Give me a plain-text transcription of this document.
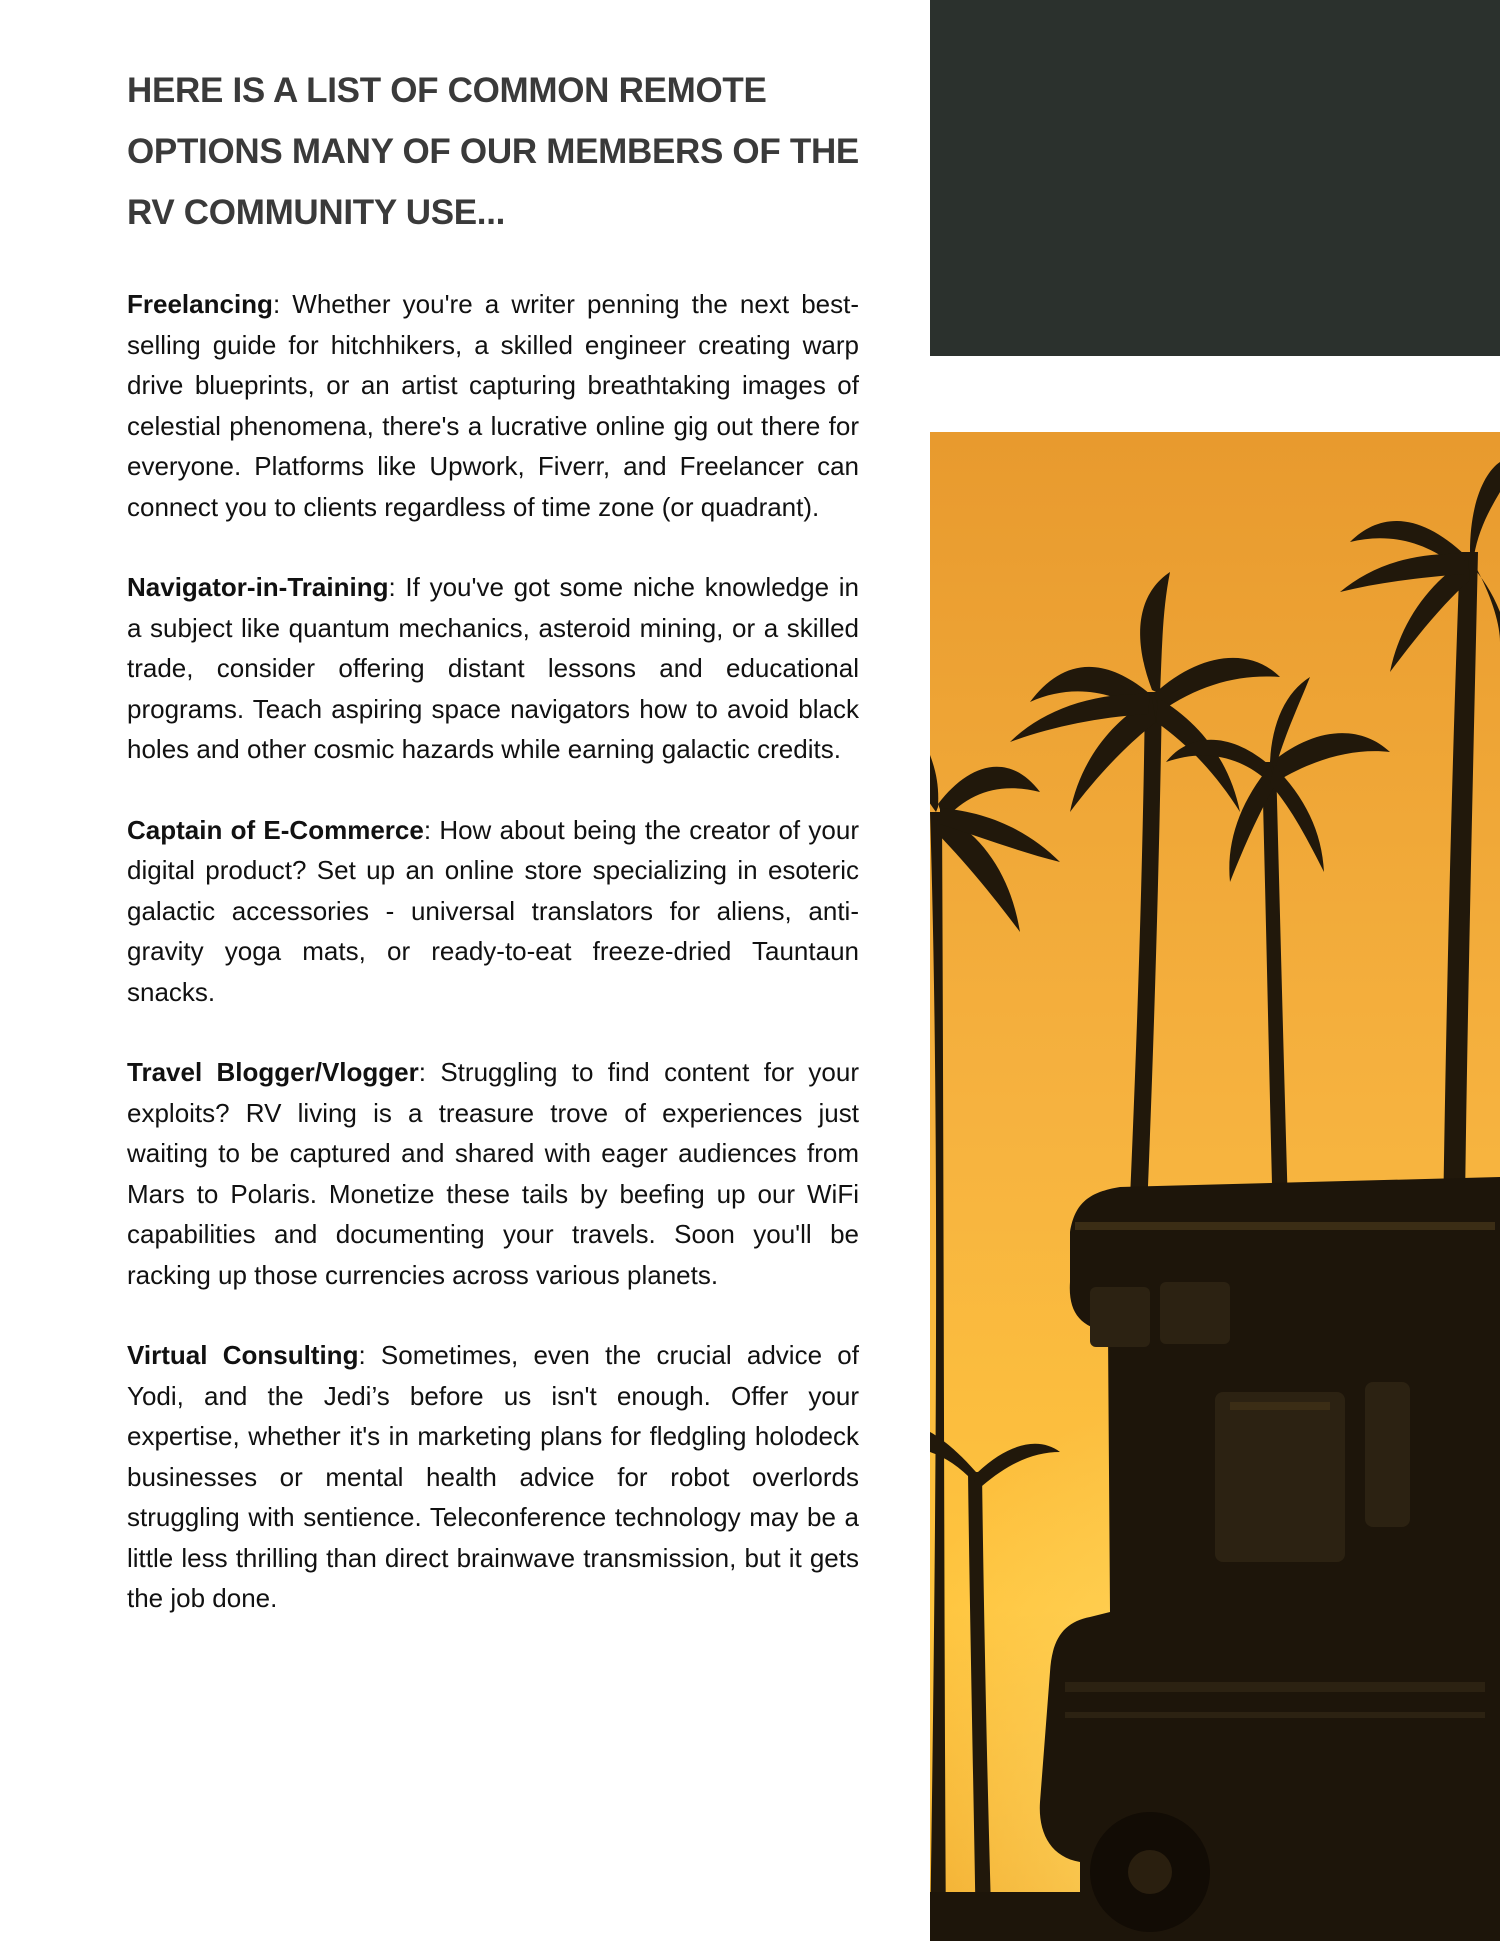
HERE IS A LIST OF COMMON REMOTE OPTIONS MANY OF OUR MEMBERS OF THE RV COMMUNITY USE...

Freelancing: Whether you're a writer penning the next best-selling guide for hitchhikers, a skilled engineer creating warp drive blueprints, or an artist capturing breathtaking images of celestial phenomena, there's a lucrative online gig out there for everyone. Platforms like Upwork, Fiverr, and Freelancer can connect you to clients regardless of time zone (or quadrant).

Navigator-in-Training: If you've got some niche knowledge in a subject like quantum mechanics, asteroid mining, or a skilled trade, consider offering distant lessons and educational programs. Teach aspiring space navigators how to avoid black holes and other cosmic hazards while earning galactic credits.

Captain of E-Commerce: How about being the creator of your digital product? Set up an online store specializing in esoteric galactic accessories - universal translators for aliens, anti-gravity yoga mats, or ready-to-eat freeze-dried Tauntaun snacks.

Travel Blogger/Vlogger: Struggling to find content for your exploits? RV living is a treasure trove of experiences just waiting to be captured and shared with eager audiences from Mars to Polaris. Monetize these tails by beefing up our WiFi capabilities and documenting your travels. Soon you'll be racking up those currencies across various planets.

Virtual Consulting: Sometimes, even the crucial advice of Yodi, and the Jedi’s before us isn't enough. Offer your expertise, whether it's in marketing plans for fledgling holodeck businesses or mental health advice for robot overlords struggling with sentience. Teleconference technology may be a little less thrilling than direct brainwave transmission, but it gets the job done.
